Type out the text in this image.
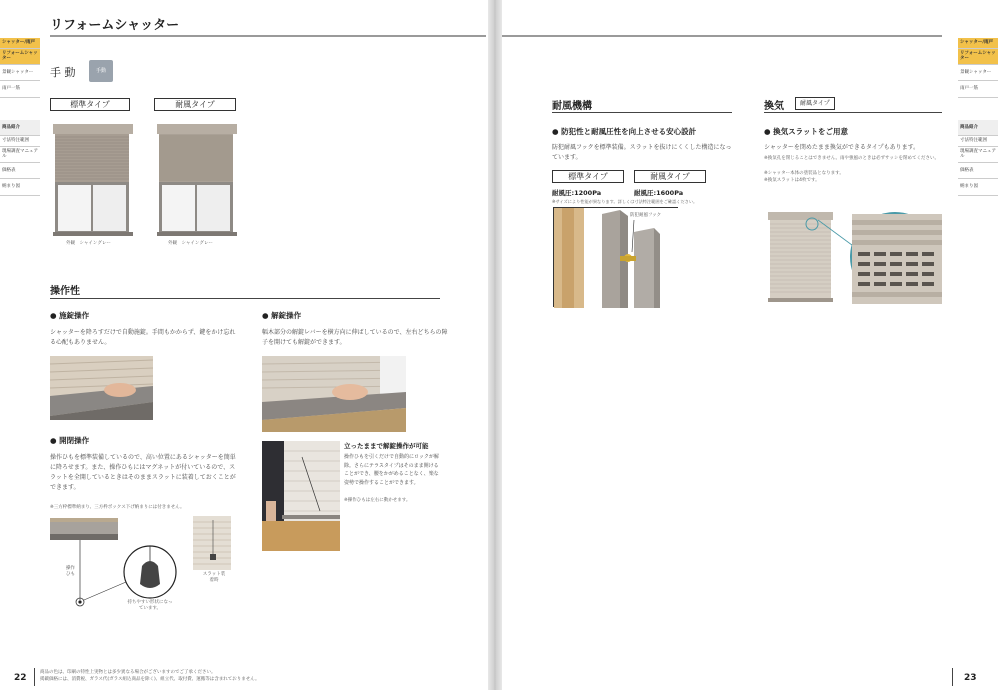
リフォームシャッター
シャッター/雨戸
リフォームシャッター
景観シャッター
雨戸一筋
商品紹介
寸法特注範囲
現場調査マニュアル
価格表
納まり図
手 動	手動
標準タイプ	耐風タイプ
外観　シャイングレー	外観　シャイングレー
操作性
● 施錠操作
シャッターを降ろすだけで自動施錠。手間もかからず、鍵をかけ忘れる心配もありません。
● 解錠操作
幅木部分の解錠レバーを横方向に伸ばしているので、左右どちらの障子を開けても解錠ができます。
● 開閉操作
操作ひもを標準装備しているので、高い位置にあるシャッターを簡単に降ろせます。また、操作ひもにはマグネットが付いているので、スラットを全開しているときはそのままスラットに装着しておくことができます。
※三方枠標準納まり、三方枠ボックス下げ納まりには付きません。
操作ひも
持ちやすい形状になっています。
スラット装着時
立ったままで解錠操作が可能
操作ひもを引くだけで自動的にロックが解除。さらにテラスタイプはそのまま開けることができ、腰をかがめることなく、楽な姿勢で操作することができます。
※操作ひもは左右に動かせます。
22
商品の色は、印刷の特性上実物とは多少異なる場合がございますのでご了承ください。
掲載価格には、消費税、ガラス代(ガラス組込商品を除く)、組立代、取付費、運搬等は含まれておりません。
シャッター/雨戸
リフォームシャッター
景観シャッター
雨戸一筋
商品紹介
寸法特注範囲
現場調査マニュアル
価格表
納まり図
耐風機構
● 防犯性と耐風圧性を向上させる安心設計
防犯耐風フックを標準装備。スラットを抜けにくくした構造になっています。
標準タイプ	耐風タイプ
耐風圧:1200Pa	耐風圧:1600Pa
※サイズにより性能が異なります。詳しくは寸法特注範囲をご確認ください。
防犯耐風フック
換気	耐風タイプ
● 換気スラットをご用意
シャッターを閉めたまま換気ができるタイプもあります。
※換気孔を閉じることはできません。雨や強風のときは必ずサッシを閉めてください。
※シャッター本体の塗装品となります。
※換気スラットは4枚です。
23
